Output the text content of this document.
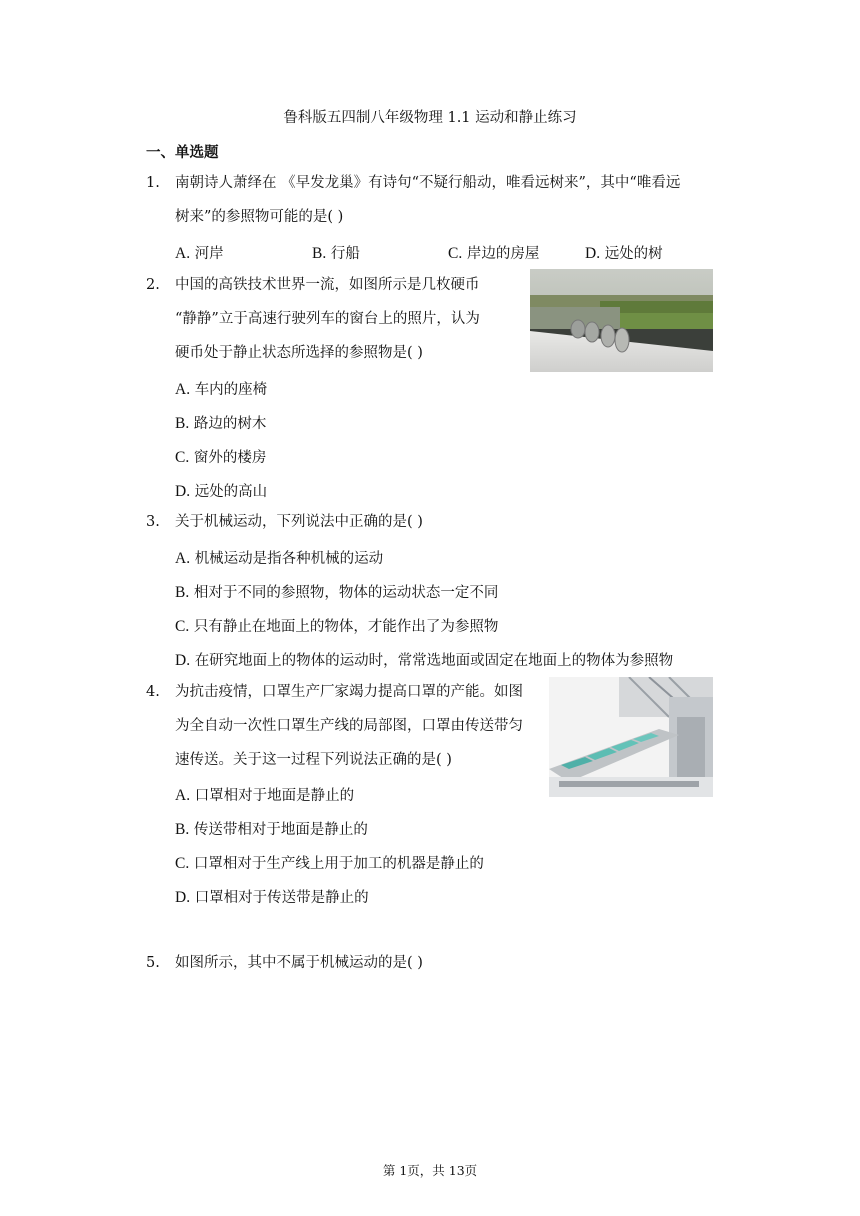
鲁科版五四制八年级物理 1.1 运动和静止练习
一、单选题
1. 南朝诗人萧绎在 《早发龙巢》有诗句“不疑行船动，唯看远树来”，其中“唯看远
树来”的参照物可能的是( )
A. 河岸	B. 行船	C. 岸边的房屋	D. 远处的树
2. 中国的高铁技术世界一流，如图所示是几枚硬币
“静静”立于高速行驶列车的窗台上的照片，认为
硬币处于静止状态所选择的参照物是( )
A. 车内的座椅
B. 路边的树木
C. 窗外的楼房
D. 远处的高山
3. 关于机械运动，下列说法中正确的是( )
A. 机械运动是指各种机械的运动
B. 相对于不同的参照物，物体的运动状态一定不同
C. 只有静止在地面上的物体，才能作出了为参照物
D. 在研究地面上的物体的运动时，常常选地面或固定在地面上的物体为参照物
4. 为抗击疫情，口罩生产厂家竭力提高口罩的产能。如图
为全自动一次性口罩生产线的局部图，口罩由传送带匀
速传送。关于这一过程下列说法正确的是( )
A. 口罩相对于地面是静止的
B. 传送带相对于地面是静止的
C. 口罩相对于生产线上用于加工的机器是静止的
D. 口罩相对于传送带是静止的
5. 如图所示，其中不属于机械运动的是( )
第 1页，共 13页
